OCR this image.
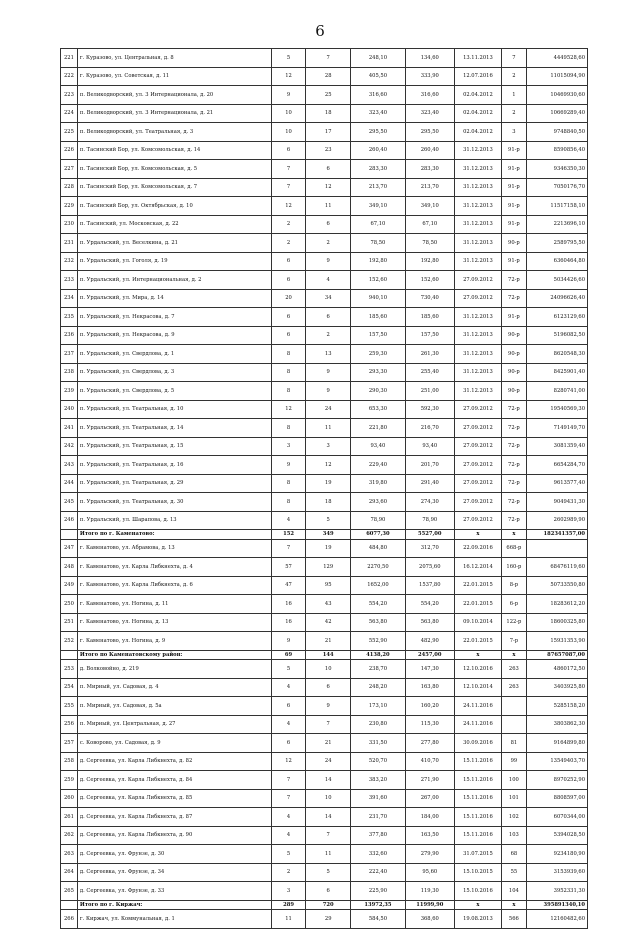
6
221	г. Куразово, ул. Центральная, д. 8	5	7	248,10	134,60	13.11.2013	7	4449528,60
222	г. Куразово, ул. Советская, д. 11	12	28	405,50	333,90	12.07.2016	2	11015094,90
223	п. Великодворский, ул. 3 Интернационала, д. 20	9	25	316,60	316,60	02.04.2012	1	10469930,60
224	п. Великодворский, ул. 3 Интернационала, д. 21	10	18	323,40	323,40	02.04.2012	2	10669289,40
225	п. Великодворский, ул. Театральная, д. 3	10	17	295,50	295,50	02.04.2012	3	9748840,50
226	п. Тасинский Бор, ул. Комсомольская, д. 14	6	23	260,40	260,40	31.12.2013	91-р	8590856,40
227	п. Тасинский Бор, ул. Комсомольская, д. 5	7	6	283,30	283,30	31.12.2013	91-р	9346350,30
228	п. Тасинский Бор, ул. Комсомольская, д. 7	7	12	213,70	213,70	31.12.2013	91-р	7050176,70
229	п. Тасинский Бор, ул. Октябрьская, д. 10	12	11	349,10	349,10	31.12.2013	91-р	11517158,10
230	п. Тасинский, ул. Московская, д. 22	2	6	67,10	67,10	31.12.2013	91-р	2213696,10
231	п. Урдальский, ул. Веселкина, д. 21	2	2	78,50	78,50	31.12.2013	90-р	2589795,50
232	п. Урдальский, ул. Гоголя, д. 19	6	9	192,80	192,80	31.12.2013	91-р	6360464,80
233	п. Урдальский, ул. Интернациональная, д. 2	6	4	152,60	152,60	27.09.2012	72-р	5034426,60
234	п. Урдальский, ул. Мира, д. 14	20	34	940,10	730,40	27.09.2012	72-р	24096626,40
235	п. Урдальский, ул. Некрасова, д. 7	6	6	185,60	185,60	31.12.2013	91-р	6123129,60
236	п. Урдальский, ул. Некрасова, д. 9	6	2	157,50	157,50	31.12.2013	90-р	5196082,50
237	п. Урдальский, ул. Свердлова, д. 1	8	13	259,30	261,30	31.12.2013	90-р	8620548,30
238	п. Урдальский, ул. Свердлова, д. 3	8	9	293,30	255,40	31.12.2013	90-р	8425901,40
239	п. Урдальский, ул. Свердлова, д. 5	8	9	290,30	251,00	31.12.2013	90-р	8280741,00
240	п. Урдальский, ул. Театральная, д. 10	12	24	653,30	592,30	27.09.2012	72-р	19540569,30
241	п. Урдальский, ул. Театральная, д. 14	8	11	221,80	216,70	27.09.2012	72-р	7149149,70
242	п. Урдальский, ул. Театральная, д. 15	3	3	93,40	93,40	27.09.2012	72-р	3081359,40
243	п. Урдальский, ул. Театральная, д. 16	9	12	229,40	201,70	27.09.2012	72-р	6654284,70
244	п. Урдальский, ул. Театральная, д. 29	8	19	319,80	291,40	27.09.2012	72-р	9613577,40
245	п. Урдальский, ул. Театральная, д. 30	8	18	293,60	274,30	27.09.2012	72-р	9049431,30
246	п. Урдальский, ул. Шарапова, д. 13	4	5	78,90	78,90	27.09.2012	72-р	2602989,90
	Итого по г. Каменатово:	152	349	6077,30	5527,00	х	х	182341357,00
247	г. Каменатово, ул. Абрамова, д. 13	7	19	484,80	312,70	22.09.2016	668-р	
248	г. Каменатово, ул. Карла Либкнехта, д. 4	57	129	2270,50	2075,60	16.12.2014	160-р	68476119,60
249	г. Каменатово, ул. Карла Либкнехта, д. 6	47	95	1652,00	1537,80	22.01.2015	8-р	50733550,80
250	г. Каменатово, ул. Ногина, д. 11	16	43	554,20	554,20	22.01.2015	6-р	18283612,20
251	г. Каменатово, ул. Ногина, д. 13	16	42	563,80	563,80	09.10.2014	122-р	18600325,80
252	г. Каменатово, ул. Ногина, д. 9	9	21	552,90	482,90	22.01.2015	7-р	15931353,90
	Итого по Каменатовскому район:	69	144	4138,20	2457,00	х	х	87657087,00
253	д. Волковойно, д. 219	5	10	238,70	147,30	12.10.2016	263	4860172,50
254	п. Мирный, ул. Садовая, д. 4	4	6	248,20	163,80	12.10.2014	263	3403925,80
255	п. Мирный, ул. Садовая, д. 5а	6	9	173,10	160,20	24.11.2016		5285158,20
256	п. Мирный, ул. Центральная, д. 27	4	7	230,80	115,30	24.11.2016		3803862,30
257	с. Коворово, ул. Садовая, д. 9	6	21	331,50	277,80	30.09.2016	81	9164899,80
258	д. Сергеевка, ул. Карла Либкнехта, д. 82	12	24	520,70	410,70	15.11.2016	99	13549403,70
259	д. Сергеевка, ул. Карла Либкнехта, д. 84	7	14	383,20	271,90	15.11.2016	100	8970252,90
260	д. Сергеевка, ул. Карла Либкнехта, д. 85	7	10	391,60	267,00	15.11.2016	101	8808597,00
261	д. Сергеевка, ул. Карла Либкнехта, д. 87	4	14	231,70	184,00	15.11.2016	102	6070344,00
262	д. Сергеевка, ул. Карла Либкнехта, д. 90	4	7	377,80	163,50	15.11.2016	103	5394028,50
263	д. Сергеевка, ул. Фрунзе, д. 30	5	11	332,60	279,90	31.07.2015	68	9234180,90
264	д. Сергеевка, ул. Фрунзе, д. 34	2	5	222,40	95,60	15.10.2015	55	3153939,60
265	д. Сергеевка, ул. Фрунзе, д. 33	3	6	225,90	119,30	15.10.2016	104	3952331,30
	Итого по г. Киржач:	289	720	13972,35	11999,90	х	х	395891340,10
266	г. Киржач, ул. Коммунальная, д. 1	11	29	584,50	368,60	19.08.2013	566	12160482,60
